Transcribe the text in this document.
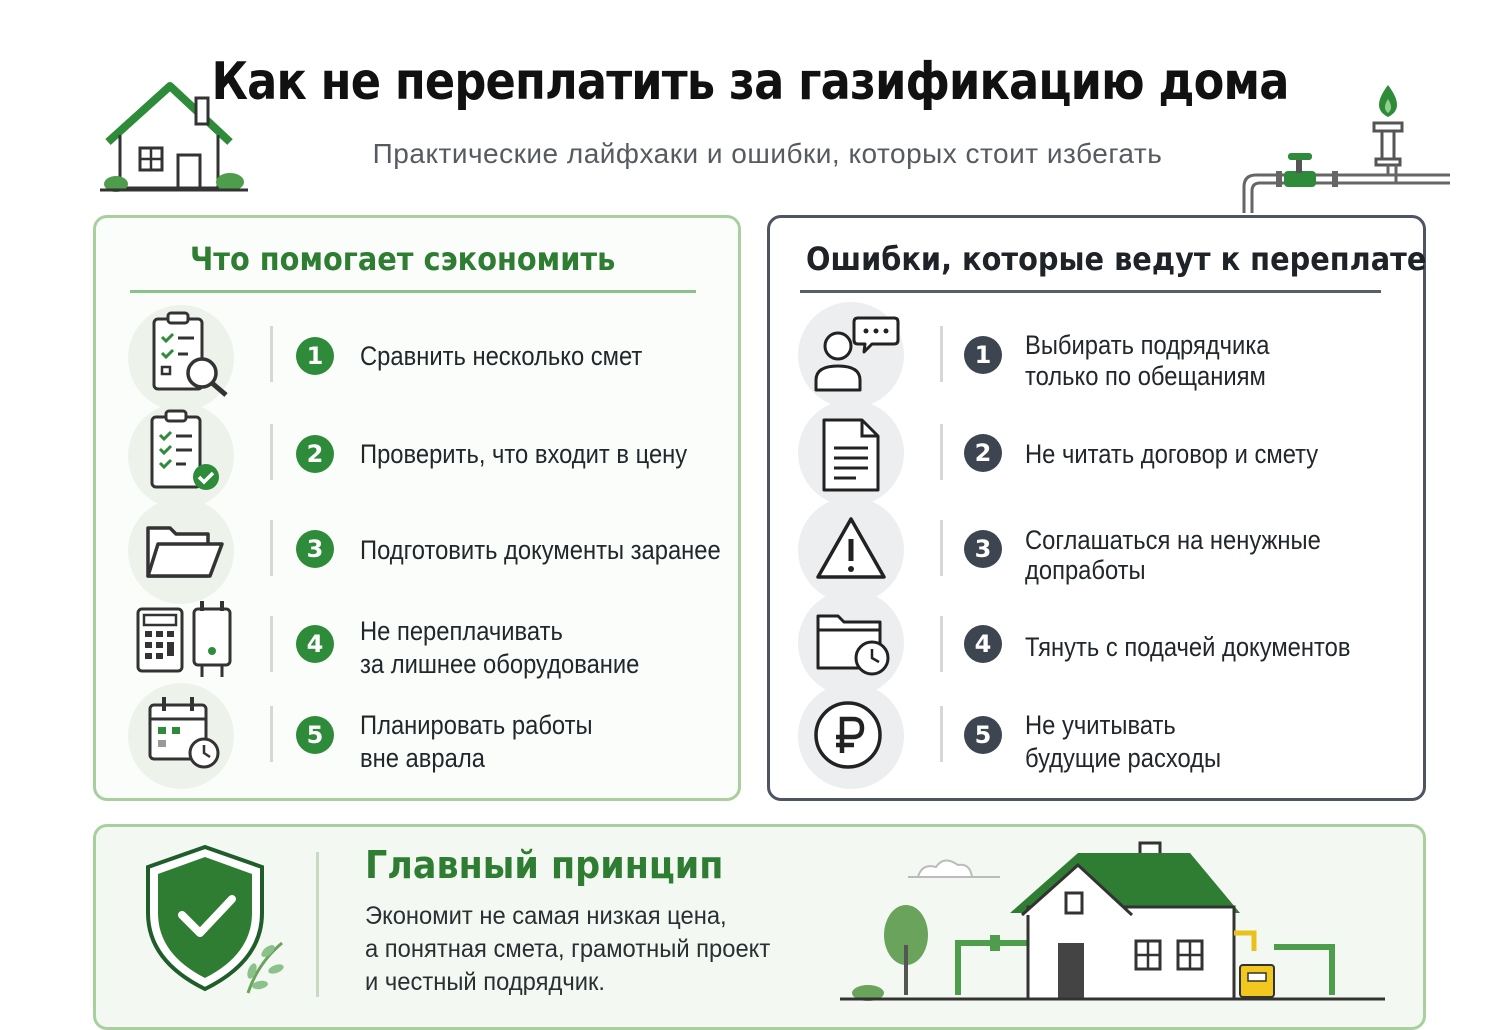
Как не переплатить за газификацию дома
Практические лайфхаки и ошибки, которых стоит избегать
Что помогает сэкономить	Ошибки, которые ведут к переплате
1	Сравнить несколько смет
2	Проверить, что входит в цену
3	Подготовить документы заранее
4	Не переплачивать
за лишнее оборудование
5	Планировать работы
вне аврала
1	Выбирать подрядчика
только по обещаниям
2	Не читать договор и смету
3	Соглашаться на ненужные
допработы
4	Тянуть с подачей документов
5	Не учитывать
будущие расходы
Главный принцип
Экономит не самая низкая цена,
а понятная смета, грамотный проект
и честный подрядчик.
